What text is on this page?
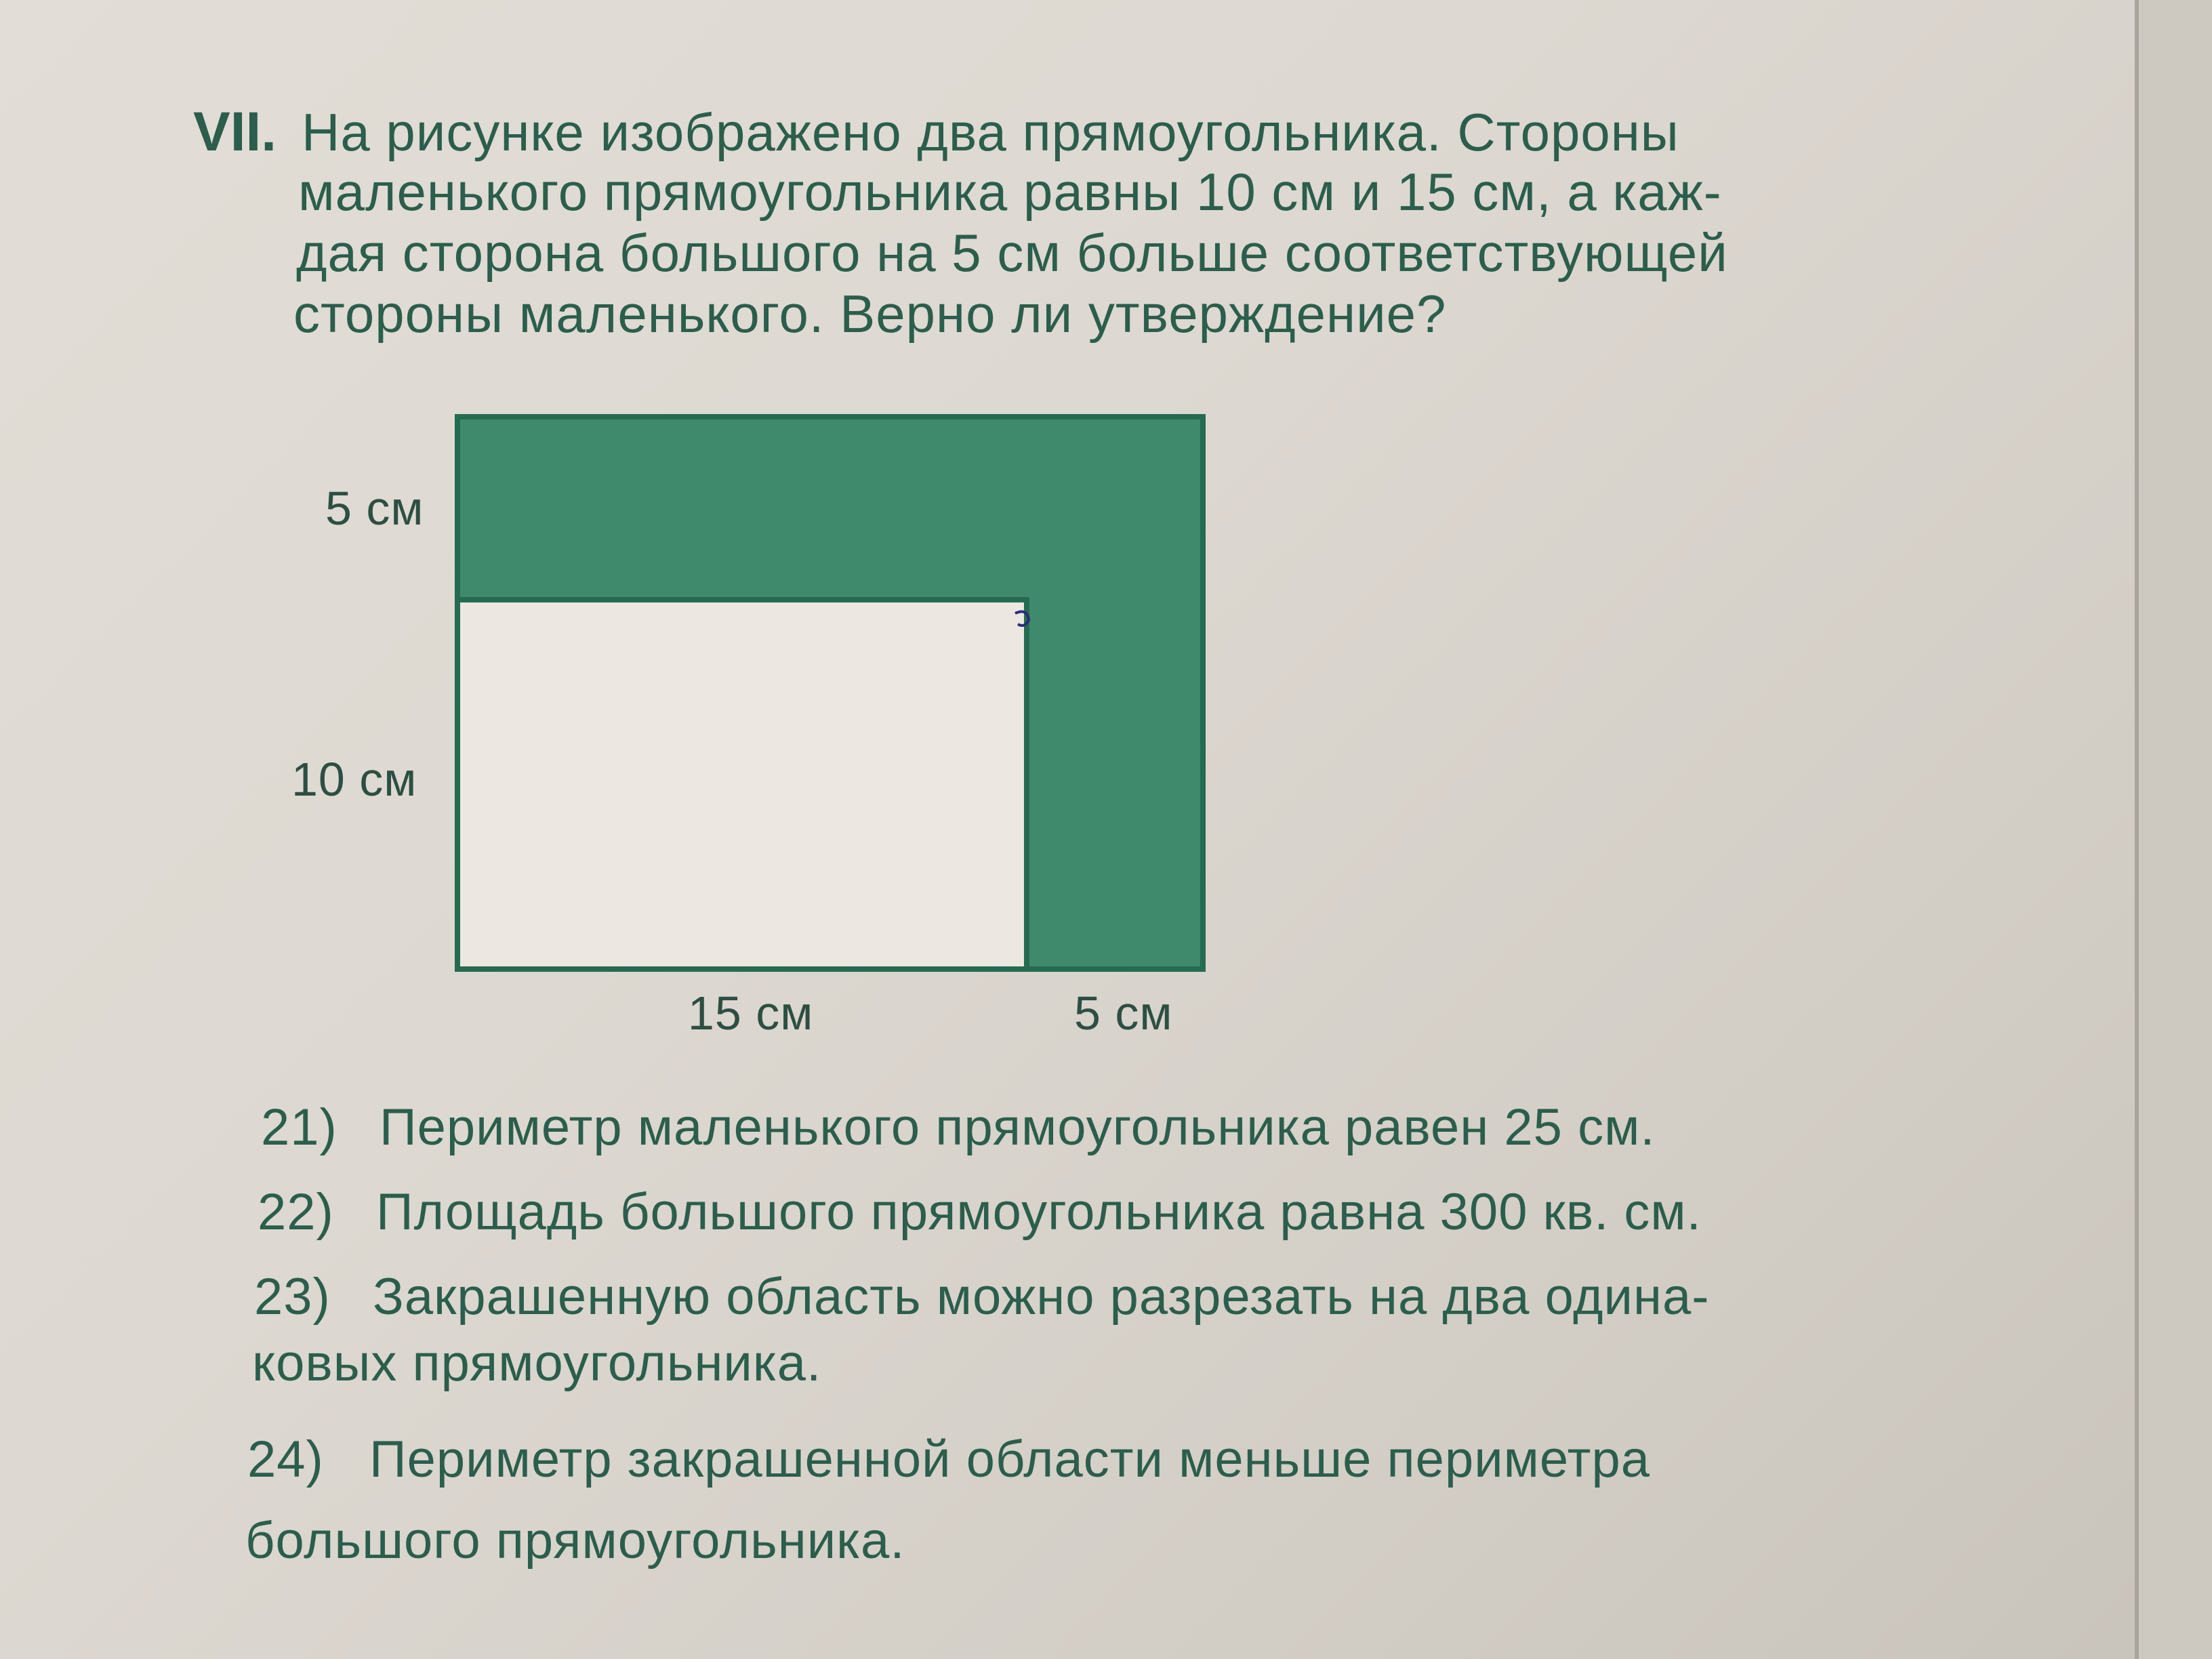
VII. На рисунке изображено два прямоугольника. Стороны
маленького прямоугольника равны 10 см и 15 см, а каж-
дая сторона большого на 5 см больше соответствующей
стороны маленького. Верно ли утверждение?
5 см
10 см
15 см	5 см
21) Периметр маленького прямоугольника равен 25 см.
22) Площадь большого прямоугольника равна 300 кв. см.
23) Закрашенную область можно разрезать на два одина-
ковых прямоугольника.
24) Периметр закрашенной области меньше периметра
большого прямоугольника.
